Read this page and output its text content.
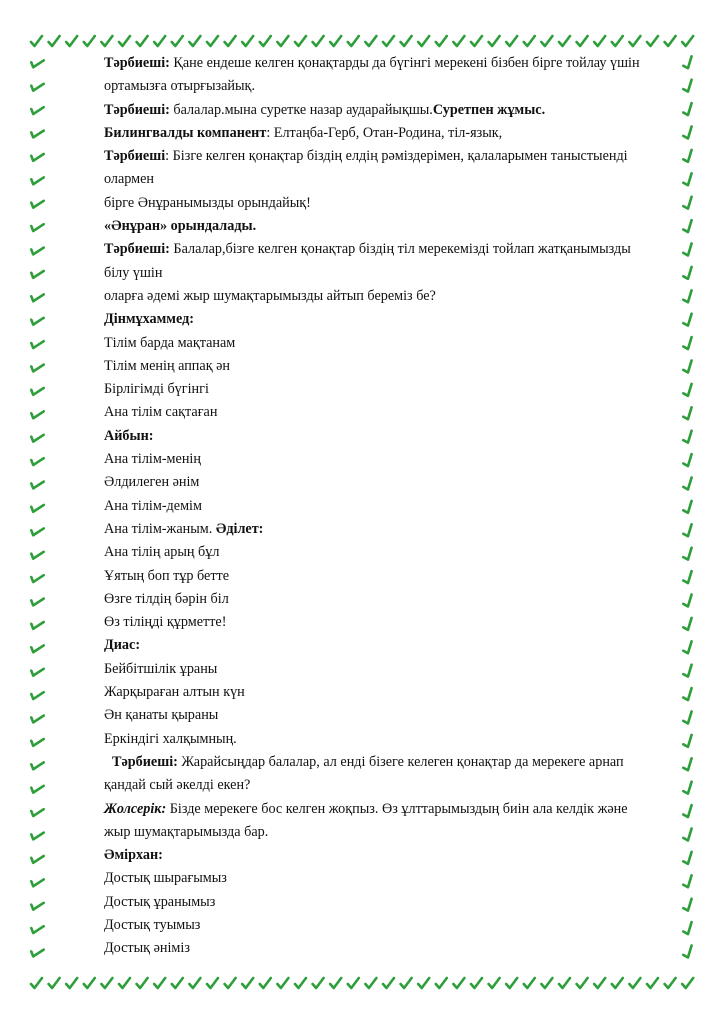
Тәрбиеші: Қане ендеше келген қонақтарды да бүгінгі мерекені бізбен бірге тойлау үшін
ортамызға отырғызайық.
Тәрбиеші: балалар.мына суретке назар аударайықшы.Суретпен жұмыс.
Билингвалды компанент: Елтаңба-Герб, Отан-Родина, тіл-язык,
Тәрбиеші: Бізге келген қонақтар біздің елдің рәміздерімен, қалаларымен таныстыенді
олармен
бірге Әнұранымызды орындайық!
«Әнұран» орындалады.
Тәрбиеші: Балалар,бізге келген қонақтар біздің тіл мерекемізді тойлап жатқанымызды
білу үшін
оларға әдемі жыр шумақтарымызды айтып береміз бе?
Дінмұхаммед:
Тілім барда мақтанам
Тілім менің аппақ ән
Бірлігімді бүгінгі
Ана тілім сақтаған
Айбын:
Ана тілім-менің
Әлдилеген әнім
Ана тілім-демім
Ана тілім-жаным. Әділет:
Ана тілің арың бұл
Ұятың боп тұр бетте
Өзге тілдің бәрін біл
Өз тіліңді құрметте!
Диас:
Бейбітшілік ұраны
Жарқыраған алтын күн
Ән қанаты қыраны
Еркіндігі халқымның.
Тәрбиеші: Жарайсыңдар балалар, ал енді бізеге келеген қонақтар да мерекеге арнап
қандай сый әкелді екен?
Жолсерік: Бізде мерекеге бос келген жоқпыз. Өз ұлттарымыздың биін ала келдік және
жыр шумақтарымызда бар.
Әмірхан:
Достық шырағымыз
Достық ұранымыз
Достық туымыз
Достық әніміз
